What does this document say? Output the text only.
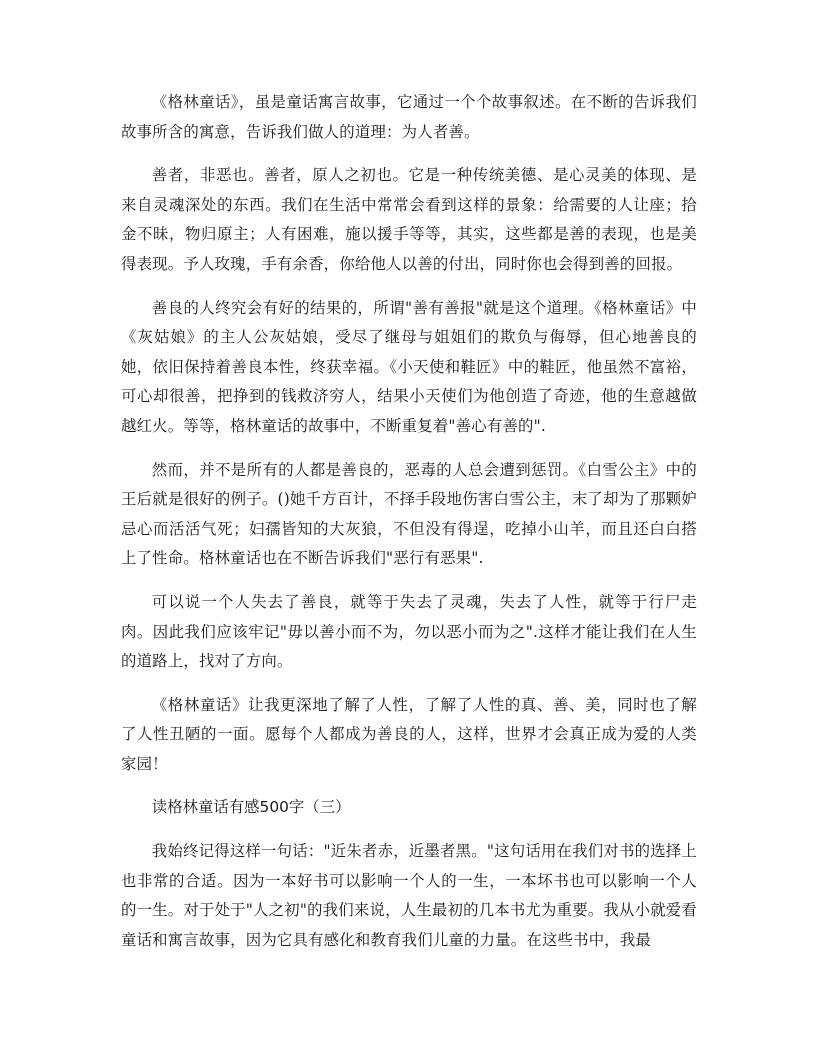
《格林童话》，虽是童话寓言故事，它通过一个个故事叙述。在不断的告诉我们故事所含的寓意，告诉我们做人的道理：为人者善。

善者，非恶也。善者，原人之初也。它是一种传统美德、是心灵美的体现、是来自灵魂深处的东西。我们在生活中常常会看到这样的景象：给需要的人让座；拾金不昧，物归原主；人有困难，施以援手等等，其实，这些都是善的表现，也是美得表现。予人玫瑰，手有余香，你给他人以善的付出，同时你也会得到善的回报。

善良的人终究会有好的结果的，所谓"善有善报"就是这个道理。《格林童话》中《灰姑娘》的主人公灰姑娘，受尽了继母与姐姐们的欺负与侮辱，但心地善良的她，依旧保持着善良本性，终获幸福。《小天使和鞋匠》中的鞋匠，他虽然不富裕，可心却很善，把挣到的钱救济穷人，结果小天使们为他创造了奇迹，他的生意越做越红火。等等，格林童话的故事中，不断重复着"善心有善的".

然而，并不是所有的人都是善良的，恶毒的人总会遭到惩罚。《白雪公主》中的王后就是很好的例子。()她千方百计，不择手段地伤害白雪公主，末了却为了那颗妒忌心而活活气死；妇孺皆知的大灰狼，不但没有得逞，吃掉小山羊，而且还白白搭上了性命。格林童话也在不断告诉我们"恶行有恶果".

可以说一个人失去了善良，就等于失去了灵魂，失去了人性，就等于行尸走肉。因此我们应该牢记"毋以善小而不为，勿以恶小而为之".这样才能让我们在人生的道路上，找对了方向。

《格林童话》让我更深地了解了人性，了解了人性的真、善、美，同时也了解了人性丑陋的一面。愿每个人都成为善良的人，这样，世界才会真正成为爱的人类家园！

读格林童话有感500字（三）

我始终记得这样一句话："近朱者赤，近墨者黑。"这句话用在我们对书的选择上也非常的合适。因为一本好书可以影响一个人的一生，一本坏书也可以影响一个人的一生。对于处于"人之初"的我们来说，人生最初的几本书尤为重要。我从小就爱看童话和寓言故事，因为它具有感化和教育我们儿童的力量。在这些书中，我最
